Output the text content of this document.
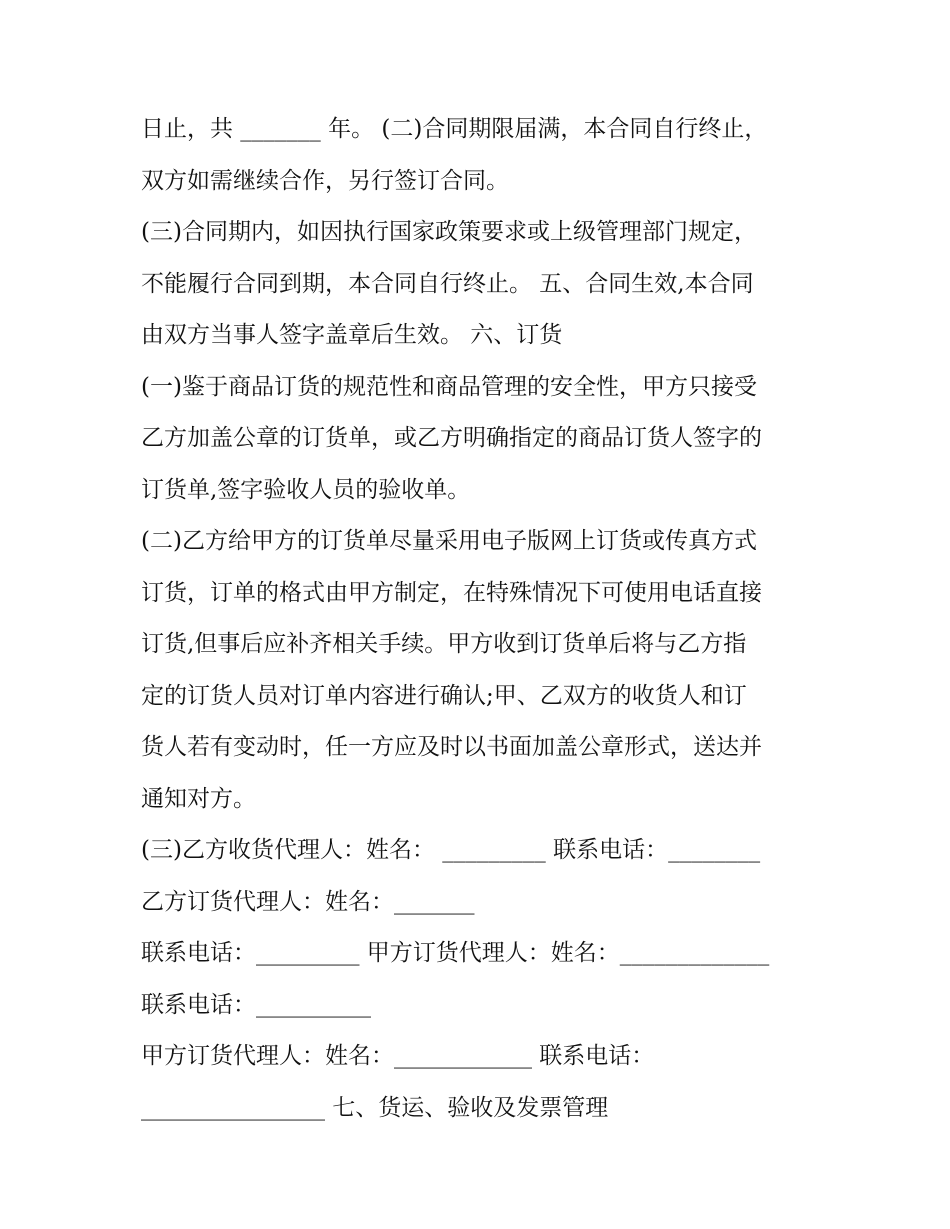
日止，共 _______ 年。 (二)合同期限届满，本合同自行终止，
双方如需继续合作，另行签订合同。
(三)合同期内，如因执行国家政策要求或上级管理部门规定，
不能履行合同到期，本合同自行终止。 五、合同生效,本合同
由双方当事人签字盖章后生效。 六、订货
(一)鉴于商品订货的规范性和商品管理的安全性，甲方只接受
乙方加盖公章的订货单，或乙方明确指定的商品订货人签字的
订货单,签字验收人员的验收单。
(二)乙方给甲方的订货单尽量采用电子版网上订货或传真方式
订货，订单的格式由甲方制定，在特殊情况下可使用电话直接
订货,但事后应补齐相关手续。甲方收到订货单后将与乙方指
定的订货人员对订单内容进行确认;甲、乙双方的收货人和订
货人若有变动时，任一方应及时以书面加盖公章形式，送达并
通知对方。
(三)乙方收货代理人：姓名： _________ 联系电话：________
乙方订货代理人：姓名：_______
联系电话：_________ 甲方订货代理人：姓名：_____________
联系电话：__________
甲方订货代理人：姓名：____________ 联系电话：
________________ 七、货运、验收及发票管理
